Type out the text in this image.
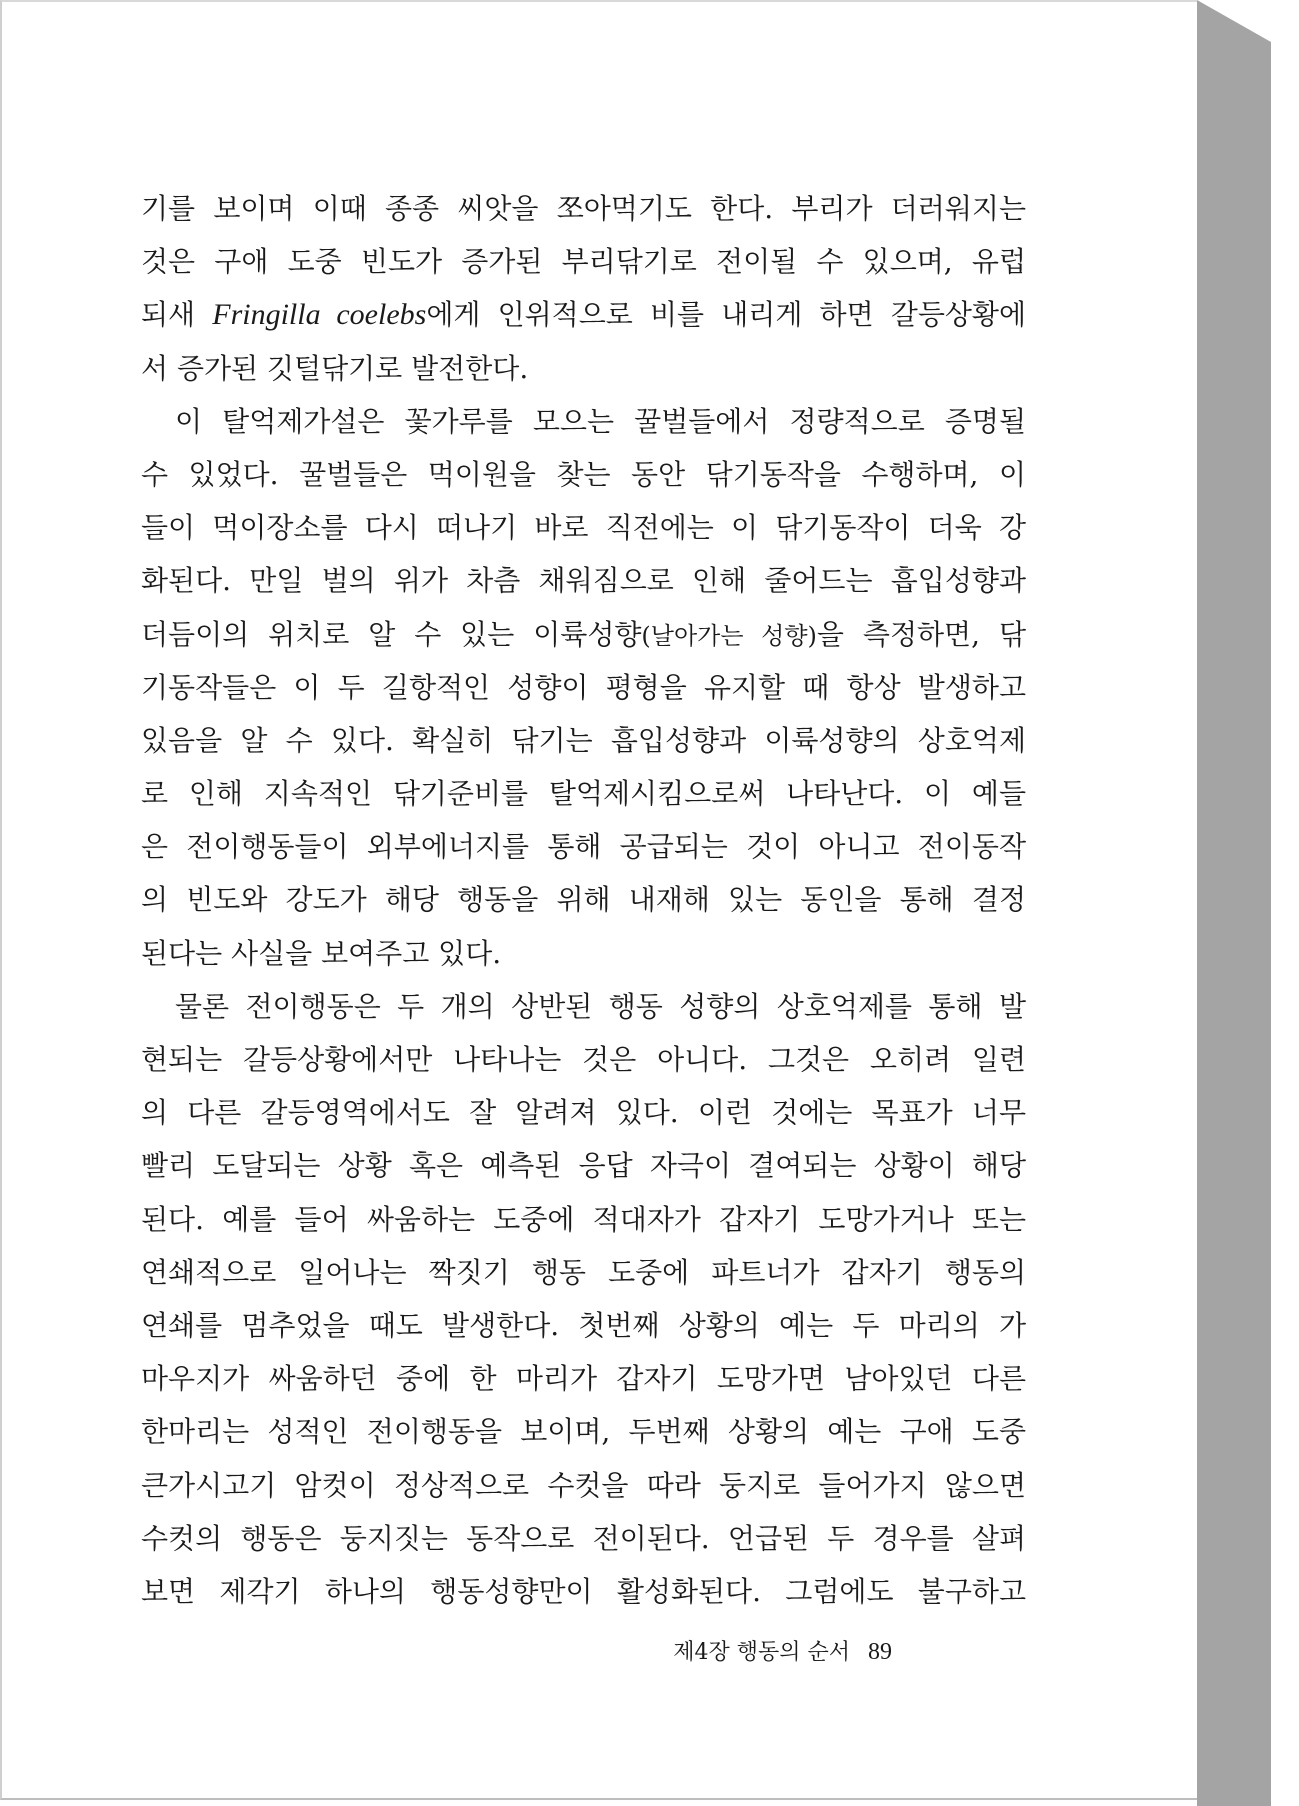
기를 보이며 이때 종종 씨앗을 쪼아먹기도 한다. 부리가 더러워지는
것은 구애 도중 빈도가 증가된 부리닦기로 전이될 수 있으며, 유럽
되새 Fringilla coelebs에게 인위적으로 비를 내리게 하면 갈등상황에
서 증가된 깃털닦기로 발전한다.
이 탈억제가설은 꽃가루를 모으는 꿀벌들에서 정량적으로 증명될
수 있었다. 꿀벌들은 먹이원을 찾는 동안 닦기동작을 수행하며, 이
들이 먹이장소를 다시 떠나기 바로 직전에는 이 닦기동작이 더욱 강
화된다. 만일 벌의 위가 차츰 채워짐으로 인해 줄어드는 흡입성향과
더듬이의 위치로 알 수 있는 이륙성향(날아가는 성향)을 측정하면, 닦
기동작들은 이 두 길항적인 성향이 평형을 유지할 때 항상 발생하고
있음을 알 수 있다. 확실히 닦기는 흡입성향과 이륙성향의 상호억제
로 인해 지속적인 닦기준비를 탈억제시킴으로써 나타난다. 이 예들
은 전이행동들이 외부에너지를 통해 공급되는 것이 아니고 전이동작
의 빈도와 강도가 해당 행동을 위해 내재해 있는 동인을 통해 결정
된다는 사실을 보여주고 있다.
물론 전이행동은 두 개의 상반된 행동 성향의 상호억제를 통해 발
현되는 갈등상황에서만 나타나는 것은 아니다. 그것은 오히려 일련
의 다른 갈등영역에서도 잘 알려져 있다. 이런 것에는 목표가 너무
빨리 도달되는 상황 혹은 예측된 응답 자극이 결여되는 상황이 해당
된다. 예를 들어 싸움하는 도중에 적대자가 갑자기 도망가거나 또는
연쇄적으로 일어나는 짝짓기 행동 도중에 파트너가 갑자기 행동의
연쇄를 멈추었을 때도 발생한다. 첫번째 상황의 예는 두 마리의 가
마우지가 싸움하던 중에 한 마리가 갑자기 도망가면 남아있던 다른
한마리는 성적인 전이행동을 보이며, 두번째 상황의 예는 구애 도중
큰가시고기 암컷이 정상적으로 수컷을 따라 둥지로 들어가지 않으면
수컷의 행동은 둥지짓는 동작으로 전이된다. 언급된 두 경우를 살펴
보면 제각기 하나의 행동성향만이 활성화된다. 그럼에도 불구하고
제4장 행동의 순서 89
